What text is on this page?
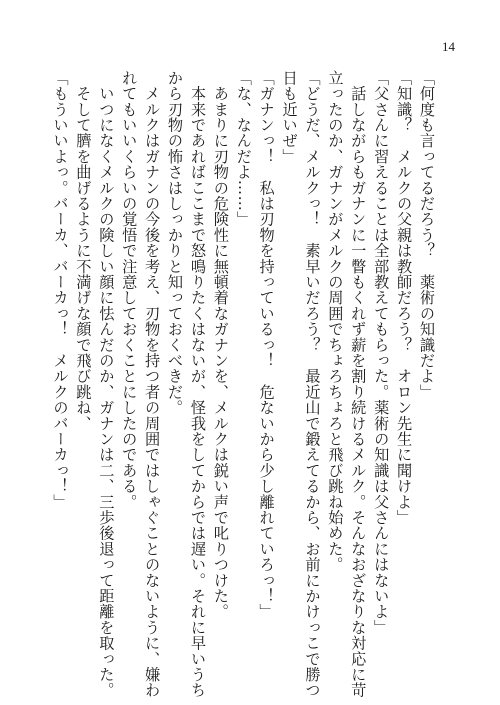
14
「何度も言ってるだろう？　薬術の知識だよ」
「知識？　メルクの父親は教師だろう？　オロン先生に聞けよ」
「父さんに習えることは全部教えてもらった。薬術の知識は父さんにはないよ」
　話しながらもガナンに一瞥もくれず薪を割り続けるメルク。そんなおざなりな対応に苛
立ったのか、ガナンがメルクの周囲でちょろちょろと飛び跳ね始めた。
「どうだ、メルクっ！　素早いだろう？　最近山で鍛えてるから、お前にかけっこで勝つ
日も近いぜ」
「ガナンっ！　私は刃物を持っているっ！　危ないから少し離れていろっ！」
「な、なんだよ……」
　あまりに刃物の危険性に無頓着なガナンを、メルクは鋭い声で叱りつけた。
　本来であればここまで怒鳴りたくはないが、怪我をしてからでは遅い。それに早いうち
から刃物の怖さはしっかりと知っておくべきだ。
　メルクはガナンの今後を考え、刃物を持つ者の周囲ではしゃぐことのないように、嫌わ
れてもいいくらいの覚悟で注意しておくことにしたのである。
　いつになくメルクの険しい顔に怯んだのか、ガナンは二、三歩後退って距離を取った。
　そして臍を曲げるように不満げな顔で飛び跳ね、
「もういいよっ。バーカ、バーカっ！　メルクのバーカっ！」
